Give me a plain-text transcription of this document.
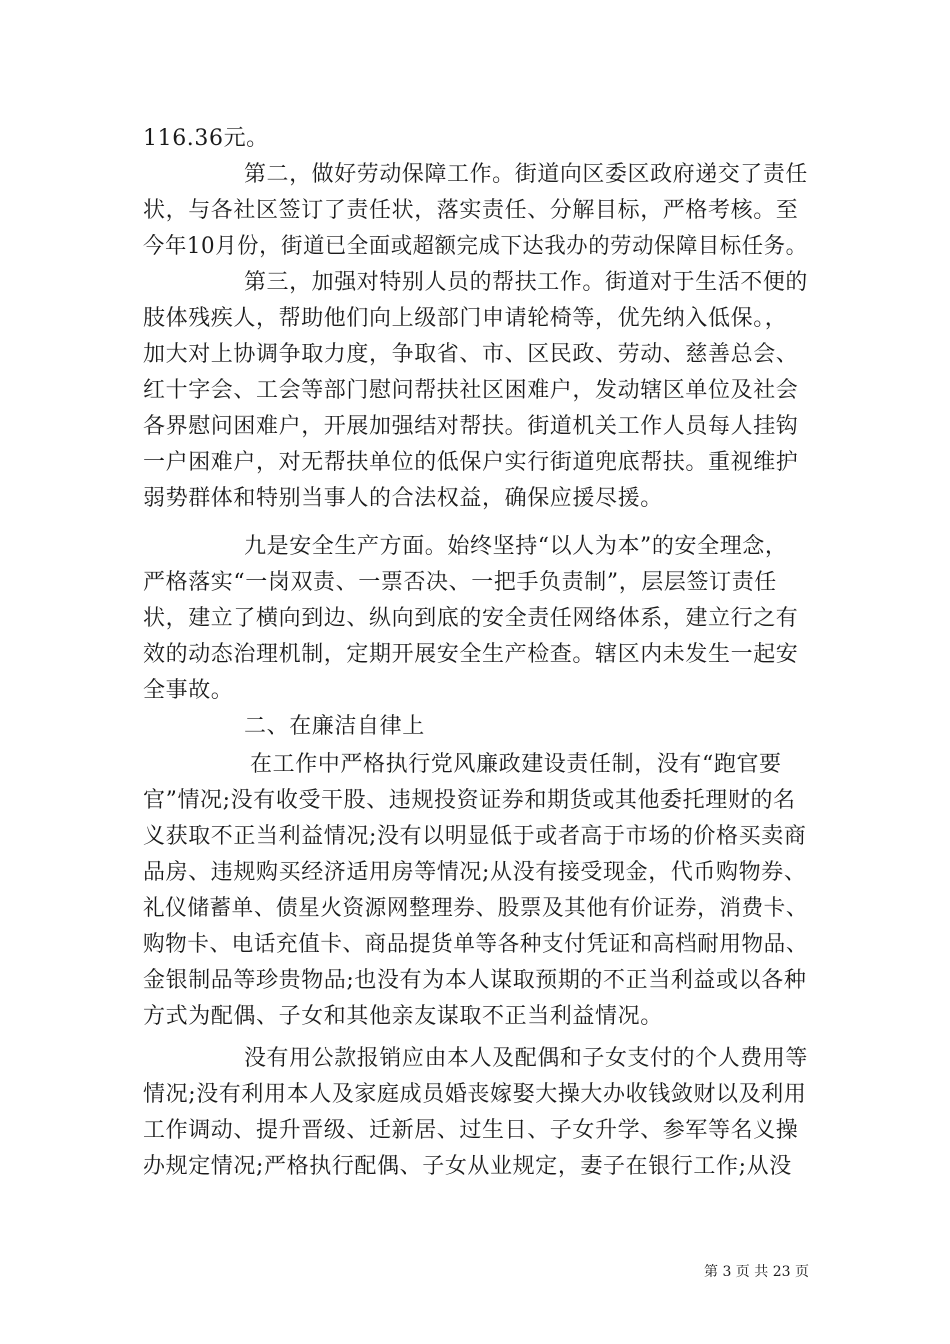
116.36元。
第二，做好劳动保障工作。街道向区委区政府递交了责任
状，与各社区签订了责任状，落实责任、分解目标，严格考核。至
今年10月份，街道已全面或超额完成下达我办的劳动保障目标任务。
第三，加强对特别人员的帮扶工作。街道对于生活不便的
肢体残疾人，帮助他们向上级部门申请轮椅等，优先纳入低保。，
加大对上协调争取力度，争取省、市、区民政、劳动、慈善总会、
红十字会、工会等部门慰问帮扶社区困难户，发动辖区单位及社会
各界慰问困难户，开展加强结对帮扶。街道机关工作人员每人挂钩
一户困难户，对无帮扶单位的低保户实行街道兜底帮扶。重视维护
弱势群体和特别当事人的合法权益，确保应援尽援。
九是安全生产方面。始终坚持“以人为本”的安全理念，
严格落实“一岗双责、一票否决、一把手负责制”，层层签订责任
状，建立了横向到边、纵向到底的安全责任网络体系，建立行之有
效的动态治理机制，定期开展安全生产检查。辖区内未发生一起安
全事故。
二、在廉洁自律上
在工作中严格执行党风廉政建设责任制，没有“跑官要
官”情况;没有收受干股、违规投资证券和期货或其他委托理财的名
义获取不正当利益情况;没有以明显低于或者高于市场的价格买卖商
品房、违规购买经济适用房等情况;从没有接受现金，代币购物券、
礼仪储蓄单、债星火资源网整理券、股票及其他有价证券，消费卡、
购物卡、电话充值卡、商品提货单等各种支付凭证和高档耐用物品、
金银制品等珍贵物品;也没有为本人谋取预期的不正当利益或以各种
方式为配偶、子女和其他亲友谋取不正当利益情况。
没有用公款报销应由本人及配偶和子女支付的个人费用等
情况;没有利用本人及家庭成员婚丧嫁娶大操大办收钱敛财以及利用
工作调动、提升晋级、迁新居、过生日、子女升学、参军等名义操
办规定情况;严格执行配偶、子女从业规定，妻子在银行工作;从没
第 3 页 共 23 页
